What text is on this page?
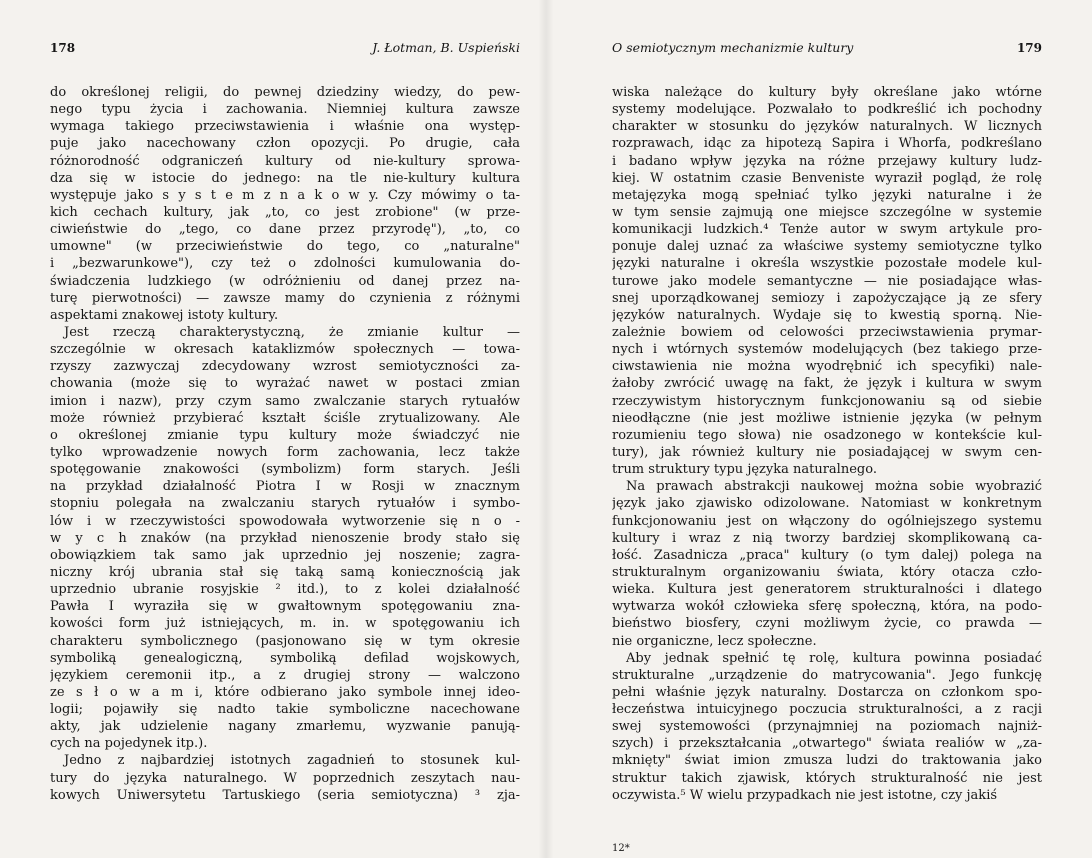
178	J. Łotman, B. Uspieński
do określonej religii, do pewnej dziedziny wiedzy, do pew-
nego typu życia i zachowania. Niemniej kultura zawsze
wymaga takiego przeciwstawienia i właśnie ona występ-
puje jako nacechowany człon opozycji. Po drugie, cała
różnorodność odgraniczeń kultury od nie-kultury sprowa-
dza się w istocie do jednego: na tle nie-kultury kultura
występuje jako s y s t e m z n a k o w y. Czy mówimy o ta-
kich cechach kultury, jak „to, co jest zrobione" (w prze-
ciwieństwie do „tego, co dane przez przyrodę"), „to, co
umowne" (w przeciwieństwie do tego, co „naturalne"
i „bezwarunkowe"), czy też o zdolności kumulowania do-
świadczenia ludzkiego (w odróżnieniu od danej przez na-
turę pierwotności) — zawsze mamy do czynienia z różnymi
aspektami znakowej istoty kultury.
Jest rzeczą charakterystyczną, że zmianie kultur —
szczególnie w okresach kataklizmów społecznych — towa-
rzyszy zazwyczaj zdecydowany wzrost semiotyczności za-
chowania (może się to wyrażać nawet w postaci zmian
imion i nazw), przy czym samo zwalczanie starych rytuałów
może również przybierać kształt ściśle zrytualizowany. Ale
o określonej zmianie typu kultury może świadczyć nie
tylko wprowadzenie nowych form zachowania, lecz także
spotęgowanie znakowości (symbolizm) form starych. Jeśli
na przykład działalność Piotra I w Rosji w znacznym
stopniu polegała na zwalczaniu starych rytuałów i symbo-
lów i w rzeczywistości spowodowała wytworzenie się n o -
w y c h znaków (na przykład nienoszenie brody stało się
obowiązkiem tak samo jak uprzednio jej noszenie; zagra-
niczny krój ubrania stał się taką samą koniecznością jak
uprzednio ubranie rosyjskie ² itd.), to z kolei działalność
Pawła I wyraziła się w gwałtownym spotęgowaniu zna-
kowości form już istniejących, m. in. w spotęgowaniu ich
charakteru symbolicznego (pasjonowano się w tym okresie
symboliką genealogiczną, symboliką defilad wojskowych,
językiem ceremonii itp., a z drugiej strony — walczono
ze s ł o w a m i, które odbierano jako symbole innej ideo-
logii; pojawiły się nadto takie symboliczne nacechowane
akty, jak udzielenie nagany zmarłemu, wyzwanie panują-
cych na pojedynek itp.).
Jedno z najbardziej istotnych zagadnień to stosunek kul-
tury do języka naturalnego. W poprzednich zeszytach nau-
kowych Uniwersytetu Tartuskiego (seria semiotyczna) ³ zja-
O semiotycznym mechanizmie kultury	179
wiska należące do kultury były określane jako wtórne
systemy modelujące. Pozwalało to podkreślić ich pochodny
charakter w stosunku do języków naturalnych. W licznych
rozprawach, idąc za hipotezą Sapira i Whorfa, podkreślano
i badano wpływ języka na różne przejawy kultury ludz-
kiej. W ostatnim czasie Benveniste wyraził pogląd, że rolę
metajęzyka mogą spełniać tylko języki naturalne i że
w tym sensie zajmują one miejsce szczególne w systemie
komunikacji ludzkich.⁴ Tenże autor w swym artykule pro-
ponuje dalej uznać za właściwe systemy semiotyczne tylko
języki naturalne i określa wszystkie pozostałe modele kul-
turowe jako modele semantyczne — nie posiadające włas-
snej uporządkowanej semiozy i zapożyczające ją ze sfery
języków naturalnych. Wydaje się to kwestią sporną. Nie-
zależnie bowiem od celowości przeciwstawienia prymar-
nych i wtórnych systemów modelujących (bez takiego prze-
ciwstawienia nie można wyodrębnić ich specyfiki) nale-
żałoby zwrócić uwagę na fakt, że język i kultura w swym
rzeczywistym historycznym funkcjonowaniu są od siebie
nieodłączne (nie jest możliwe istnienie języka (w pełnym
rozumieniu tego słowa) nie osadzonego w kontekście kul-
tury), jak również kultury nie posiadającej w swym cen-
trum struktury typu języka naturalnego.
Na prawach abstrakcji naukowej można sobie wyobrazić
język jako zjawisko odizolowane. Natomiast w konkretnym
funkcjonowaniu jest on włączony do ogólniejszego systemu
kultury i wraz z nią tworzy bardziej skomplikowaną ca-
łość. Zasadnicza „praca" kultury (o tym dalej) polega na
strukturalnym organizowaniu świata, który otacza czło-
wieka. Kultura jest generatorem strukturalności i dlatego
wytwarza wokół człowieka sferę społeczną, która, na podo-
bieństwo biosfery, czyni możliwym życie, co prawda —
nie organiczne, lecz społeczne.
Aby jednak spełnić tę rolę, kultura powinna posiadać
strukturalne „urządzenie do matrycowania". Jego funkcję
pełni właśnie język naturalny. Dostarcza on członkom spo-
łeczeństwa intuicyjnego poczucia strukturalności, a z racji
swej systemowości (przynajmniej na poziomach najniż-
szych) i przekształcania „otwartego" świata realiów w „za-
mknięty" świat imion zmusza ludzi do traktowania jako
struktur takich zjawisk, których strukturalność nie jest
oczywista.⁵ W wielu przypadkach nie jest istotne, czy jakiś
12*
